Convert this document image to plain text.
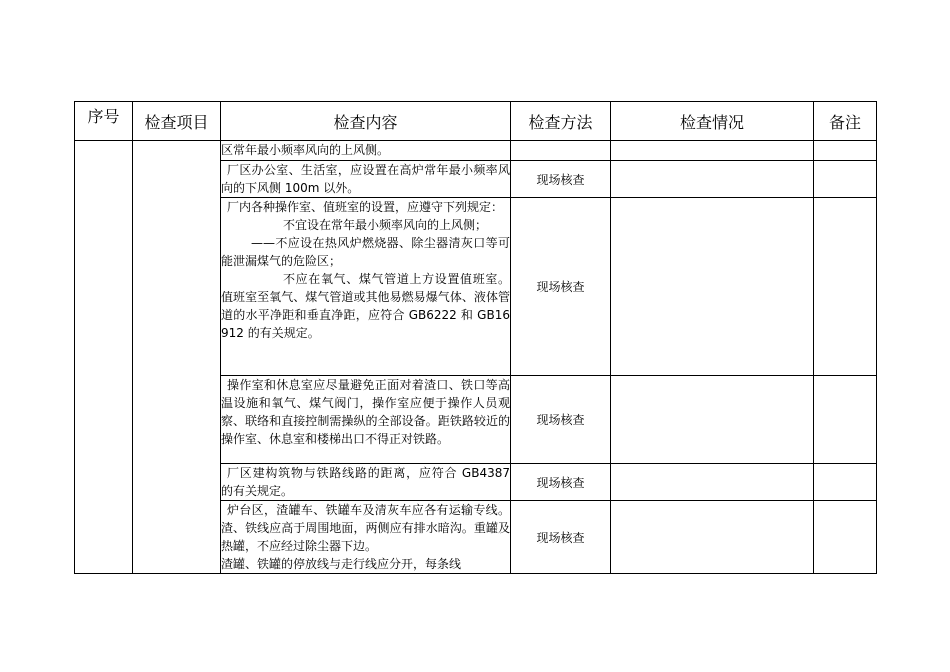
序号	检查项目	检查内容	检查方法	检查情况	备注

		区常年最小频率风向的上风侧。			

		厂区办公室、生活室，应设置在高炉常年最小频率风向的下风侧 100m 以外。	现场核查		

		厂内各种操作室、值班室的设置，应遵守下列规定：

不宜设在常年最小频率风向的上风侧；

——不应设在热风炉燃烧器、除尘器清灰口等可能泄漏煤气的危险区；

不应在氧气、煤气管道上方设置值班室。值班室至氧气、煤气管道或其他易燃易爆气体、液体管道的水平净距和垂直净距，应符合 GB6222 和 GB16912 的有关规定。	现场核查		

		操作室和休息室应尽量避免正面对着渣口、铁口等高温设施和氧气、煤气阀门，操作室应便于操作人员观察、联络和直接控制需操纵的全部设备。距铁路较近的操作室、休息室和楼梯出口不得正对铁路。	现场核查		

		厂区建构筑物与铁路线路的距离，应符合 GB4387 的有关规定。	现场核查		

		炉台区，渣罐车、铁罐车及清灰车应各有运输专线。渣、铁线应高于周围地面，两侧应有排水暗沟。重罐及热罐，不应经过除尘器下边。

渣罐、铁罐的停放线与走行线应分开，每条线	现场核查		
